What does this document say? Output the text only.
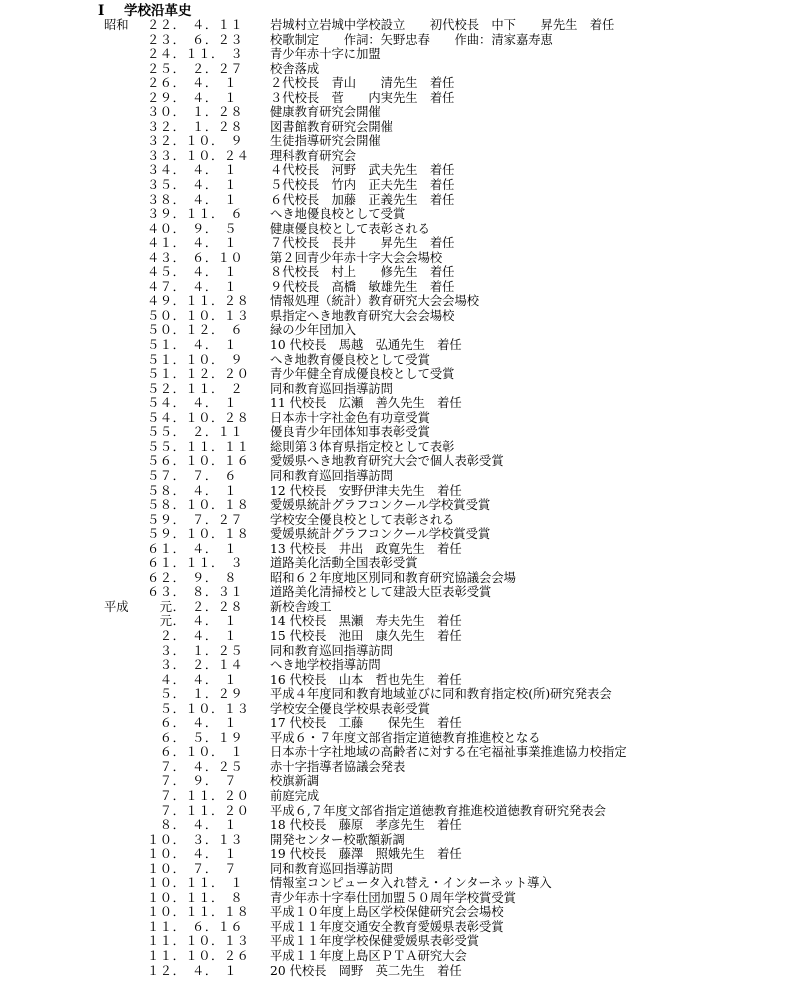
I 学校沿革史
昭和 ２２．　４．１１ 岩城村立岩城中学校設立　　初代校長　中下　　昇先生　着任
２３．　６．２３ 校歌制定　　作詞：矢野忠春　　作曲：清家嘉寿恵
２４．１１．　３ 青少年赤十字に加盟
２５．　２．２７ 校舎落成
２６．　４．　１	２代校長　青山　　清先生　着任
２９．　４．　１	３代校長　菅　　内実先生　着任
３０．　１．２８ 健康教育研究会開催
３２．　１．２８ 図書館教育研究会開催
３２．１０．　９ 生徒指導研究会開催
３３．１０．２４ 理科教育研究会
３４．　４．　１	４代校長　河野　武夫先生　着任
３５．　４．　１	５代校長　竹内　正夫先生　着任
３８．　４．　１	６代校長　加藤　正義先生　着任
３９．１１．　６ へき地優良校として受賞
４０．　９．　５	健康優良校として表彰される
４１．　４．　１	７代校長　長井　　昇先生　着任
４３．　６．１０ 第２回青少年赤十字大会会場校
４５．　４．　１	８代校長　村上　　修先生　着任
４７．　４．　１	９代校長　高橋　敏雄先生　着任
４９．１１．２８ 情報処理（統計）教育研究大会会場校
５０．１０．１３ 県指定へき地教育研究大会会場校
５０．１２．　６ 緑の少年団加入
５１．　４．　１	10 代校長　馬越　弘通先生　着任
５１．１０．　９ へき地教育優良校として受賞
５１．１２．２０ 青少年健全育成優良校として受賞
５２．１１．　２ 同和教育巡回指導訪問
５４．　４．　１	11 代校長　広瀬　善久先生　着任
５４．１０．２８ 日本赤十字社金色有功章受賞
５５．　２．１１ 優良青少年団体知事表彰受賞
５５．１１．１１ 総則第３体育県指定校として表彰
５６．１０．１６ 愛媛県へき地教育研究大会で個人表彰受賞
５７．　７．　６	同和教育巡回指導訪問
５８．　４．　１	12 代校長　安野伊津夫先生　着任
５８．１０．１８ 愛媛県統計グラフコンクール学校賞受賞
５９．　７．２７ 学校安全優良校として表彰される
５９．１０．１８ 愛媛県統計グラフコンクール学校賞受賞
６１．　４．　１	13 代校長　井出　政寛先生　着任
６１．１１．　３ 道路美化活動全国表彰受賞
６２．　９．　８	昭和６２年度地区別同和教育研究協議会会場
６３．　８．３１ 道路美化清掃校として建設大臣表彰受賞
平成 　元．　２．２８ 新校舎竣工
　元．　４．　１	14 代校長　黒瀬　寿夫先生　着任
　２．　４．　１	15 代校長　池田　康久先生　着任
　３．　１．２５ 同和教育巡回指導訪問
　３．　２．１４ へき地学校指導訪問
　４．　４．　１	16 代校長　山本　哲也先生　着任
　５．　１．２９ 平成４年度同和教育地域並びに同和教育指定校(所)研究発表会
　５．１０．１３ 学校安全優良学校県表彰受賞
　６．　４．　１	17 代校長　工藤　　保先生　着任
　６．　５．１９ 平成６・７年度文部省指定道徳教育推進校となる
　６．１０．　１ 日本赤十字社地域の高齢者に対する在宅福祉事業推進協力校指定
　７．　４．２５ 赤十字指導者協議会発表
　７．　９．　７	校旗新調
　７．１１．２０ 前庭完成
　７．１１．２０ 平成６,７年度文部省指定道徳教育推進校道徳教育研究発表会
　８．　４．　１	18 代校長　藤原　孝彦先生　着任
１０．　３．１３ 開発センター校歌額新調
１０．　４．　１	19 代校長　藤澤　照娥先生　着任
１０．　７．　７	同和教育巡回指導訪問
１０．１１．　１ 情報室コンピュータ入れ替え・インターネット導入
１０．１１．　８ 青少年赤十字奉仕団加盟５０周年学校賞受賞
１０．１１．１８ 平成１０年度上島区学校保健研究会会場校
１１．　６．１６ 平成１１年度交通安全教育愛媛県表彰受賞
１１．１０．１３ 平成１１年度学校保健愛媛県表彰受賞
１１．１０．２６ 平成１１年度上島区ＰＴＡ研究大会
１２．　４．　１	20 代校長　岡野　英二先生　着任
